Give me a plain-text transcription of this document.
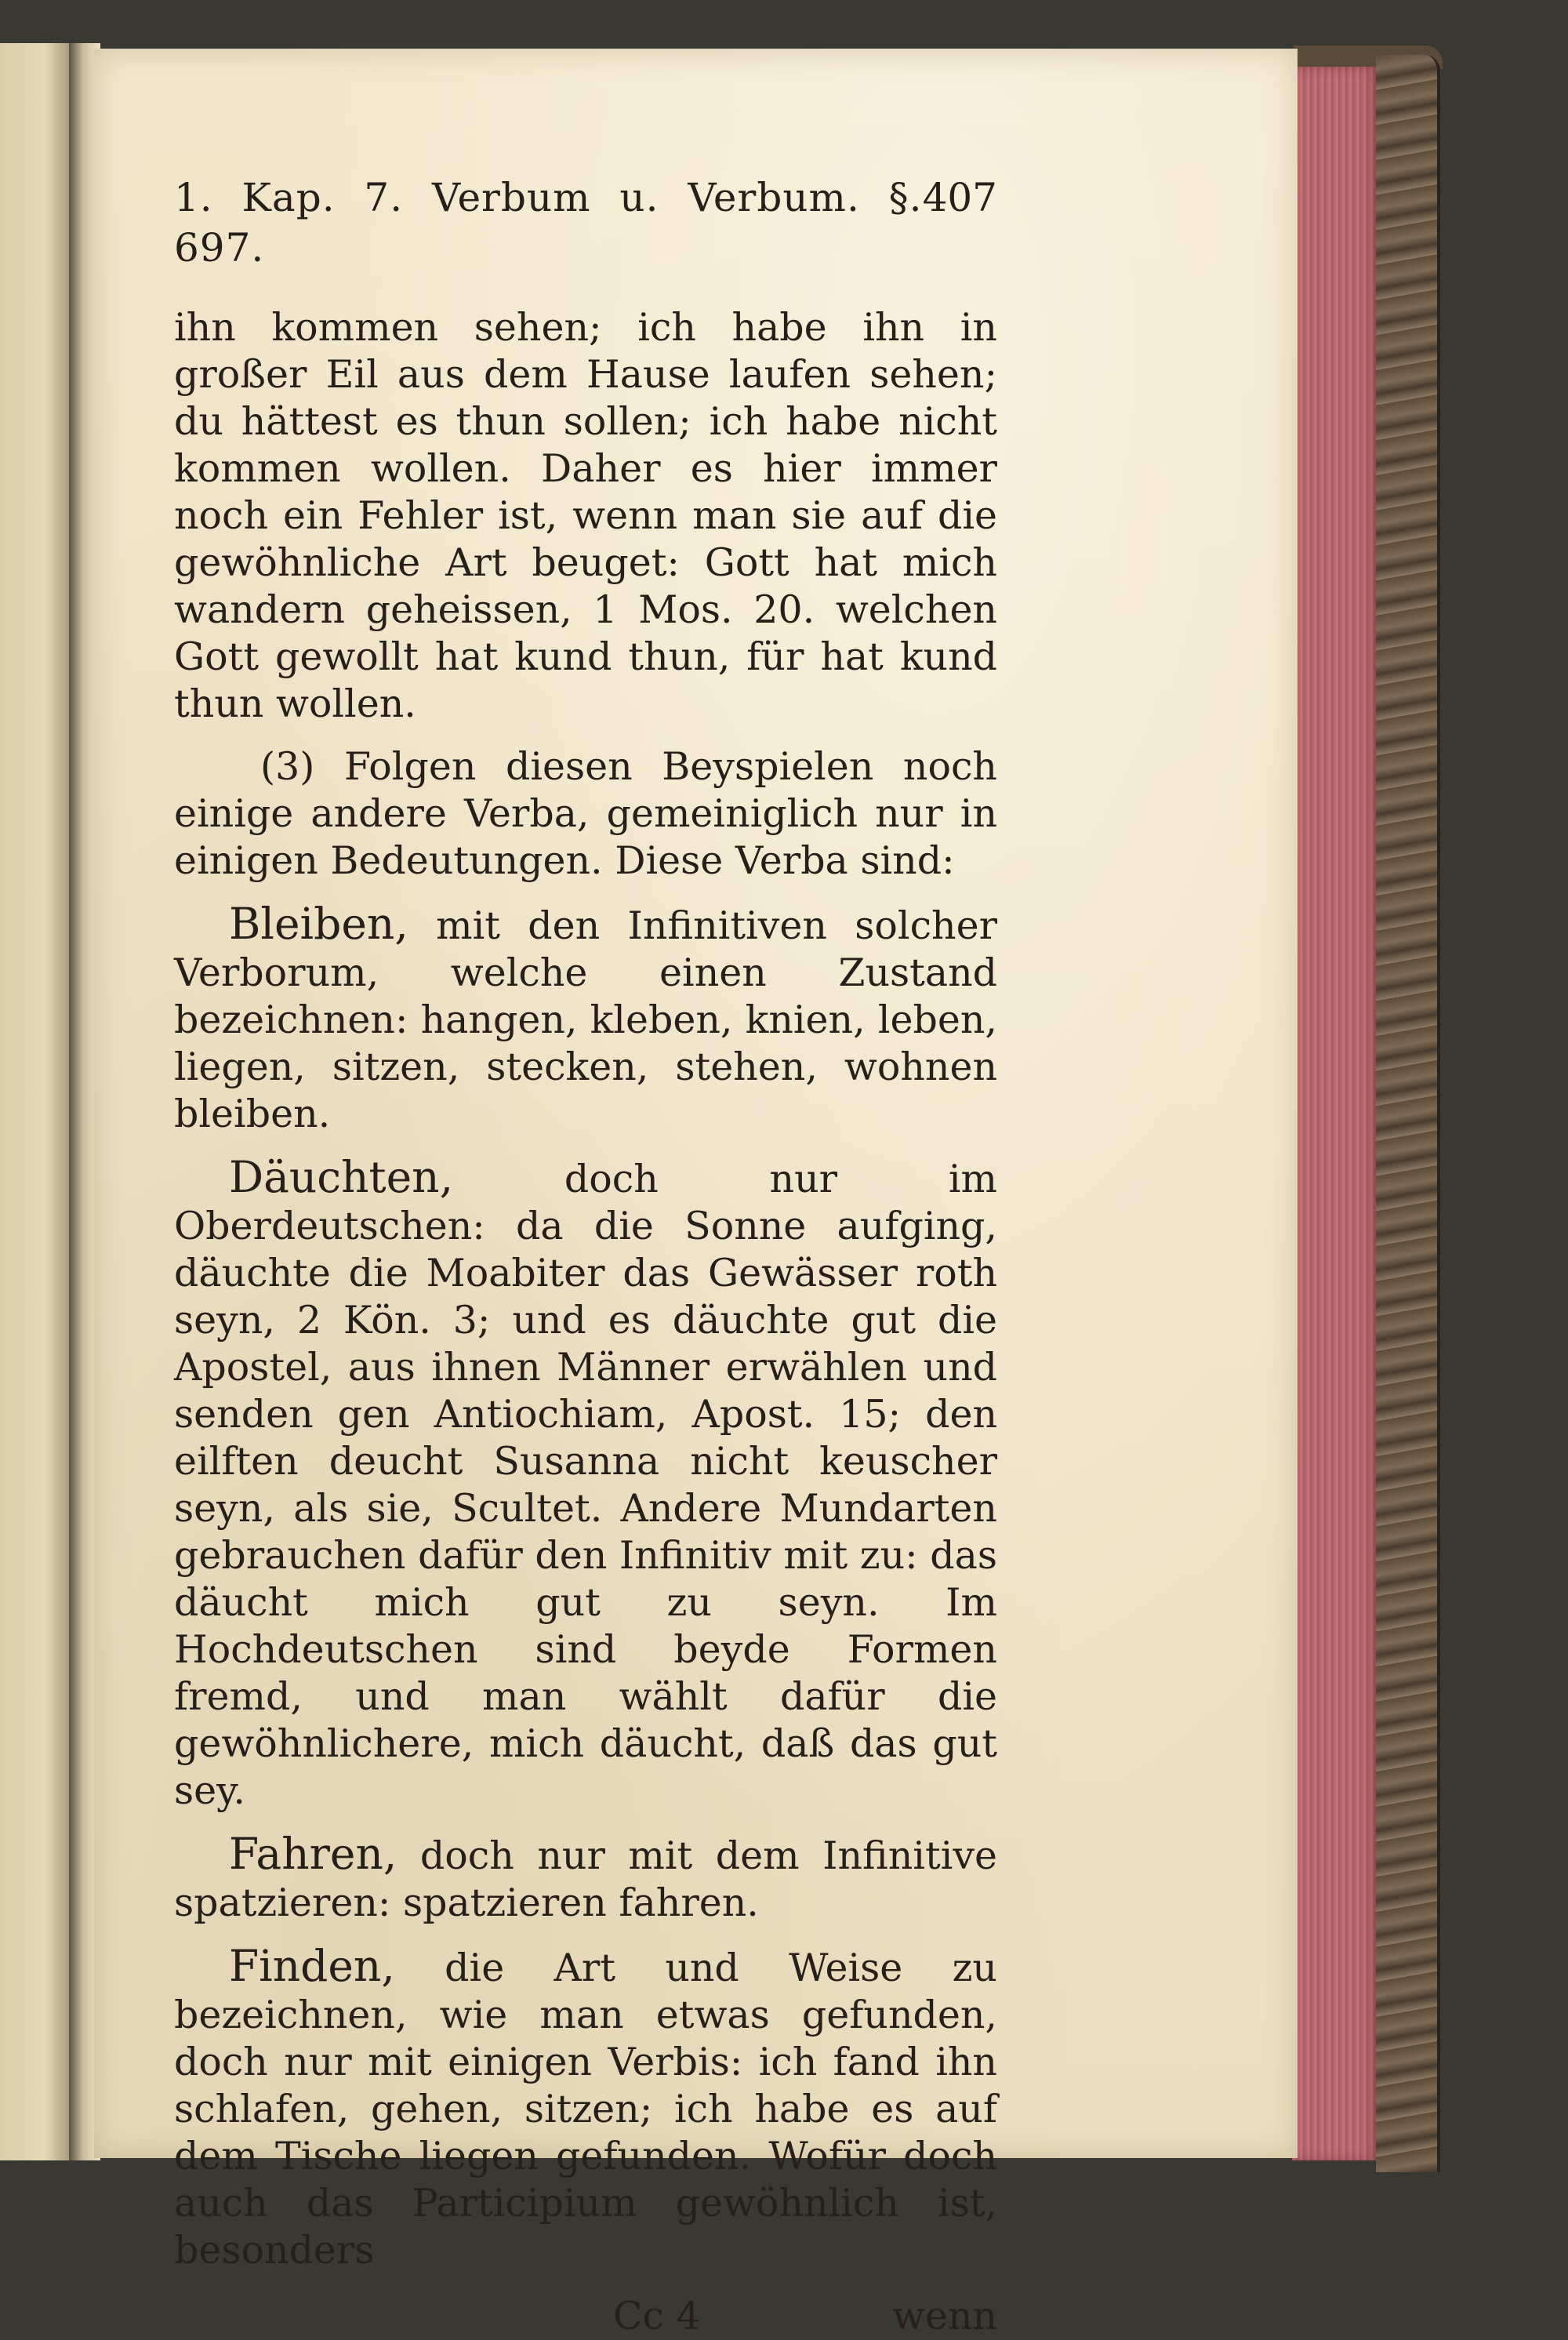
1. Kap. 7. Verbum u. Verbum. §. 697.
407

ihn kommen sehen; ich habe ihn in großer Eil aus dem Hause laufen sehen; du hättest es thun sollen; ich habe nicht kommen wollen. Daher es hier immer noch ein Fehler ist, wenn man sie auf die gewöhnliche Art beuget: Gott hat mich wandern geheissen, 1 Mos. 20. welchen Gott gewollt hat kund thun, für hat kund thun wollen.

(3) Folgen diesen Beyspielen noch einige andere Verba, gemeiniglich nur in einigen Bedeutungen. Diese Verba sind:

Bleiben, mit den Infinitiven solcher Verborum, welche einen Zustand bezeichnen: hangen, kleben, knien, leben, liegen, sitzen, stecken, stehen, wohnen bleiben.

Däuchten, doch nur im Oberdeutschen: da die Sonne aufging, däuchte die Moabiter das Gewässer roth seyn, 2 Kön. 3; und es däuchte gut die Apostel, aus ihnen Männer erwählen und senden gen Antiochiam, Apost. 15; den eilften deucht Susanna nicht keuscher seyn, als sie, Scultet. Andere Mundarten gebrauchen dafür den Infinitiv mit zu: das däucht mich gut zu seyn. Im Hochdeutschen sind beyde Formen fremd, und man wählt dafür die gewöhnlichere, mich däucht, daß das gut sey.

Fahren, doch nur mit dem Infinitive spatzieren: spatzieren fahren.

Finden, die Art und Weise zu bezeichnen, wie man etwas gefunden, doch nur mit einigen Verbis: ich fand ihn schlafen, gehen, sitzen; ich habe es auf dem Tische liegen gefunden. Wofür doch auch das Participium gewöhnlich ist, besonders

Cc 4	wenn
